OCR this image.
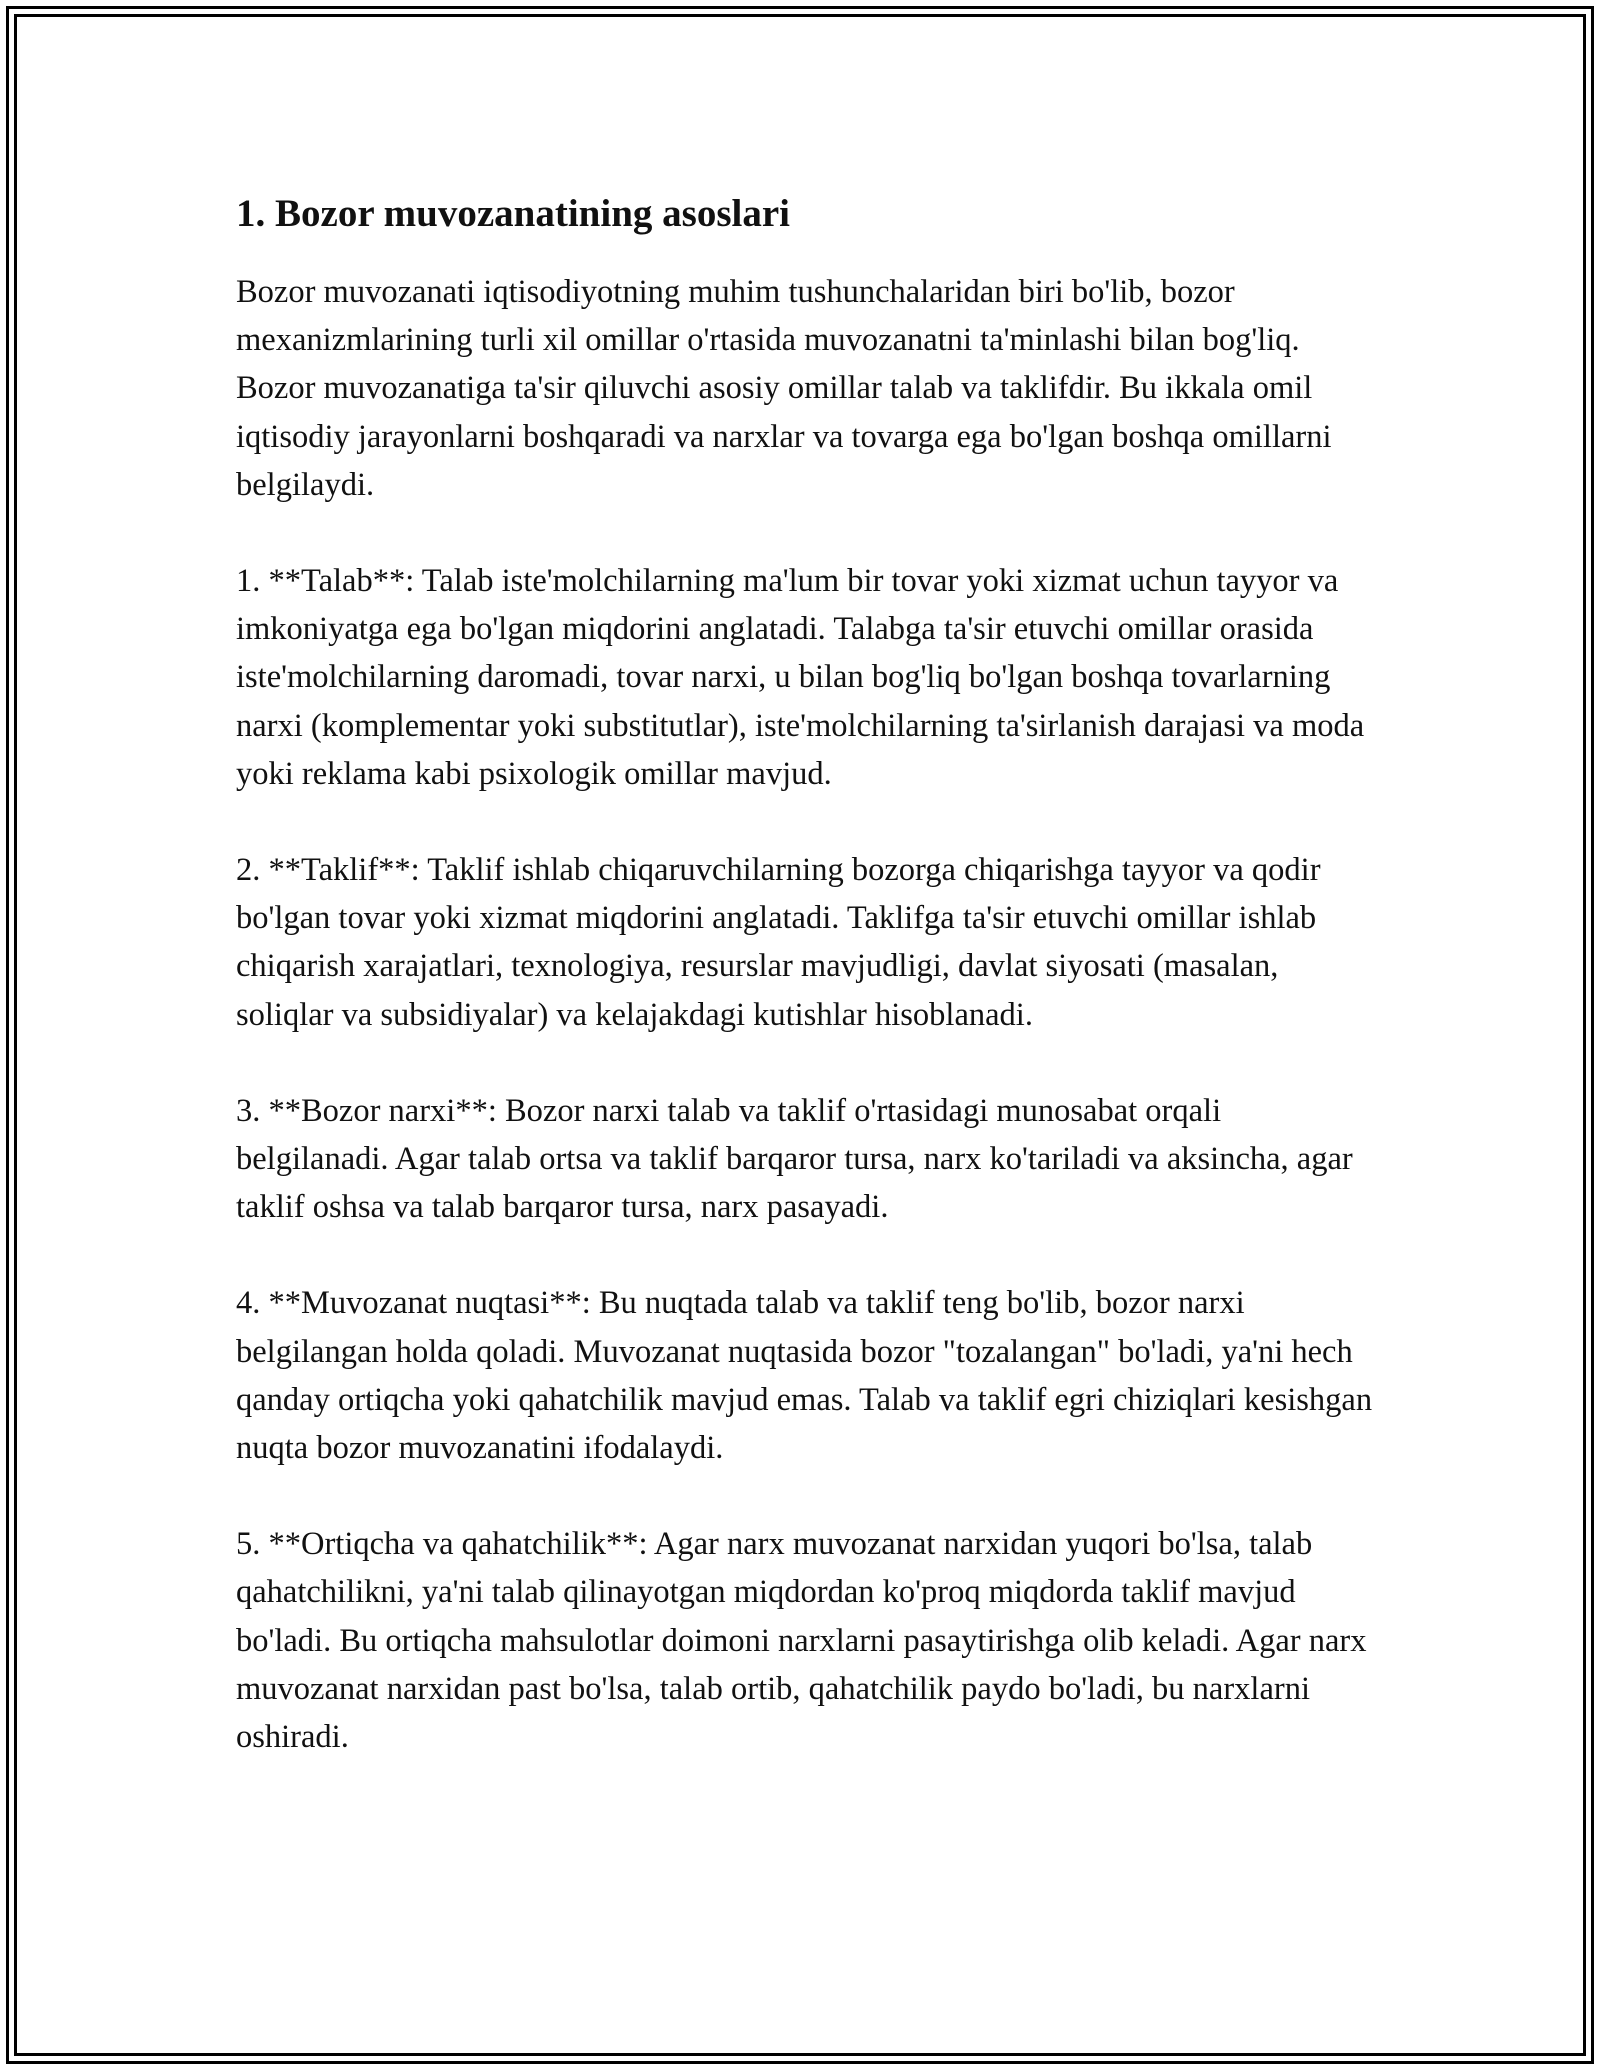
1. Bozor muvozanatining asoslari

Bozor muvozanati iqtisodiyotning muhim tushunchalaridan biri bo'lib, bozor mexanizmlarining turli xil omillar o'rtasida muvozanatni ta'minlashi bilan bog'liq. Bozor muvozanatiga ta'sir qiluvchi asosiy omillar talab va taklifdir. Bu ikkala omil iqtisodiy jarayonlarni boshqaradi va narxlar va tovarga ega bo'lgan boshqa omillarni belgilaydi.

1. **Talab**: Talab iste'molchilarning ma'lum bir tovar yoki xizmat uchun tayyor va imkoniyatga ega bo'lgan miqdorini anglatadi. Talabga ta'sir etuvchi omillar orasida iste'molchilarning daromadi, tovar narxi, u bilan bog'liq bo'lgan boshqa tovarlarning narxi (komplementar yoki substitutlar), iste'molchilarning ta'sirlanish darajasi va moda yoki reklama kabi psixologik omillar mavjud.

2. **Taklif**: Taklif ishlab chiqaruvchilarning bozorga chiqarishga tayyor va qodir bo'lgan tovar yoki xizmat miqdorini anglatadi. Taklifga ta'sir etuvchi omillar ishlab chiqarish xarajatlari, texnologiya, resurslar mavjudligi, davlat siyosati (masalan, soliqlar va subsidiyalar) va kelajakdagi kutishlar hisoblanadi.

3. **Bozor narxi**: Bozor narxi talab va taklif o'rtasidagi munosabat orqali belgilanadi. Agar talab ortsa va taklif barqaror tursa, narx ko'tariladi va aksincha, agar taklif oshsa va talab barqaror tursa, narx pasayadi.

4. **Muvozanat nuqtasi**: Bu nuqtada talab va taklif teng bo'lib, bozor narxi belgilangan holda qoladi. Muvozanat nuqtasida bozor "tozalangan" bo'ladi, ya'ni hech qanday ortiqcha yoki qahatchilik mavjud emas. Talab va taklif egri chiziqlari kesishgan nuqta bozor muvozanatini ifodalaydi.

5. **Ortiqcha va qahatchilik**: Agar narx muvozanat narxidan yuqori bo'lsa, talab qahatchilikni, ya'ni talab qilinayotgan miqdordan ko'proq miqdorda taklif mavjud bo'ladi. Bu ortiqcha mahsulotlar doimoni narxlarni pasaytirishga olib keladi. Agar narx muvozanat narxidan past bo'lsa, talab ortib, qahatchilik paydo bo'ladi, bu narxlarni oshiradi.
